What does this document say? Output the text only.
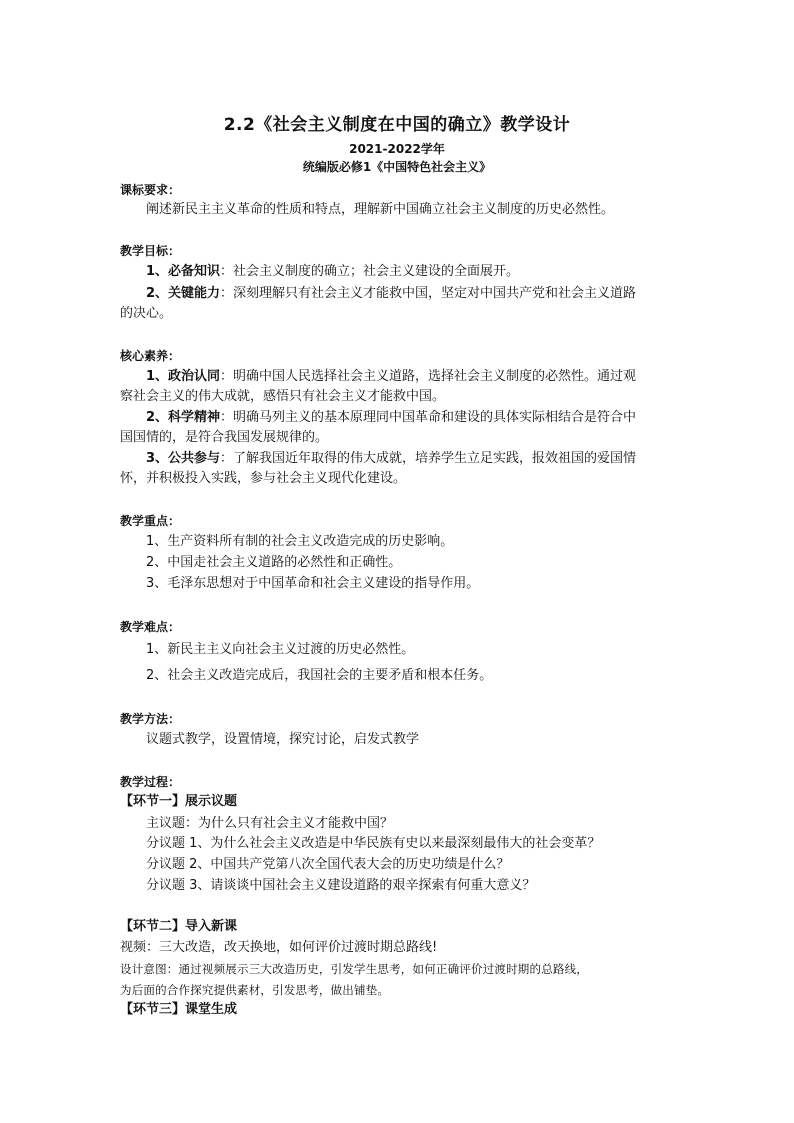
2.2《社会主义制度在中国的确立》教学设计
2021-2022学年
统编版必修1《中国特色社会主义》
课标要求：
阐述新民主主义革命的性质和特点，理解新中国确立社会主义制度的历史必然性。
教学目标：
1、必备知识：社会主义制度的确立；社会主义建设的全面展开。
2、关键能力：深刻理解只有社会主义才能救中国，坚定对中国共产党和社会主义道路
的决心。
核心素养：
1、政治认同：明确中国人民选择社会主义道路，选择社会主义制度的必然性。通过观
察社会主义的伟大成就，感悟只有社会主义才能救中国。
2、科学精神：明确马列主义的基本原理同中国革命和建设的具体实际相结合是符合中
国国情的，是符合我国发展规律的。
3、公共参与：了解我国近年取得的伟大成就，培养学生立足实践，报效祖国的爱国情
怀，并积极投入实践，参与社会主义现代化建设。
教学重点：
1、生产资料所有制的社会主义改造完成的历史影响。
2、中国走社会主义道路的必然性和正确性。
3、毛泽东思想对于中国革命和社会主义建设的指导作用。
教学难点：
1、新民主主义向社会主义过渡的历史必然性。
2、社会主义改造完成后，我国社会的主要矛盾和根本任务。
教学方法：
议题式教学，设置情境，探究讨论，启发式教学
教学过程：
【环节一】展示议题
主议题：为什么只有社会主义才能救中国？
分议题 1、为什么社会主义改造是中华民族有史以来最深刻最伟大的社会变革？
分议题 2、中国共产党第八次全国代表大会的历史功绩是什么？
分议题 3、请谈谈中国社会主义建设道路的艰辛探索有何重大意义？
【环节二】导入新课
视频：三大改造，改天换地，如何评价过渡时期总路线!
设计意图：通过视频展示三大改造历史，引发学生思考，如何正确评价过渡时期的总路线，
为后面的合作探究提供素材，引发思考，做出铺垫。
【环节三】课堂生成
